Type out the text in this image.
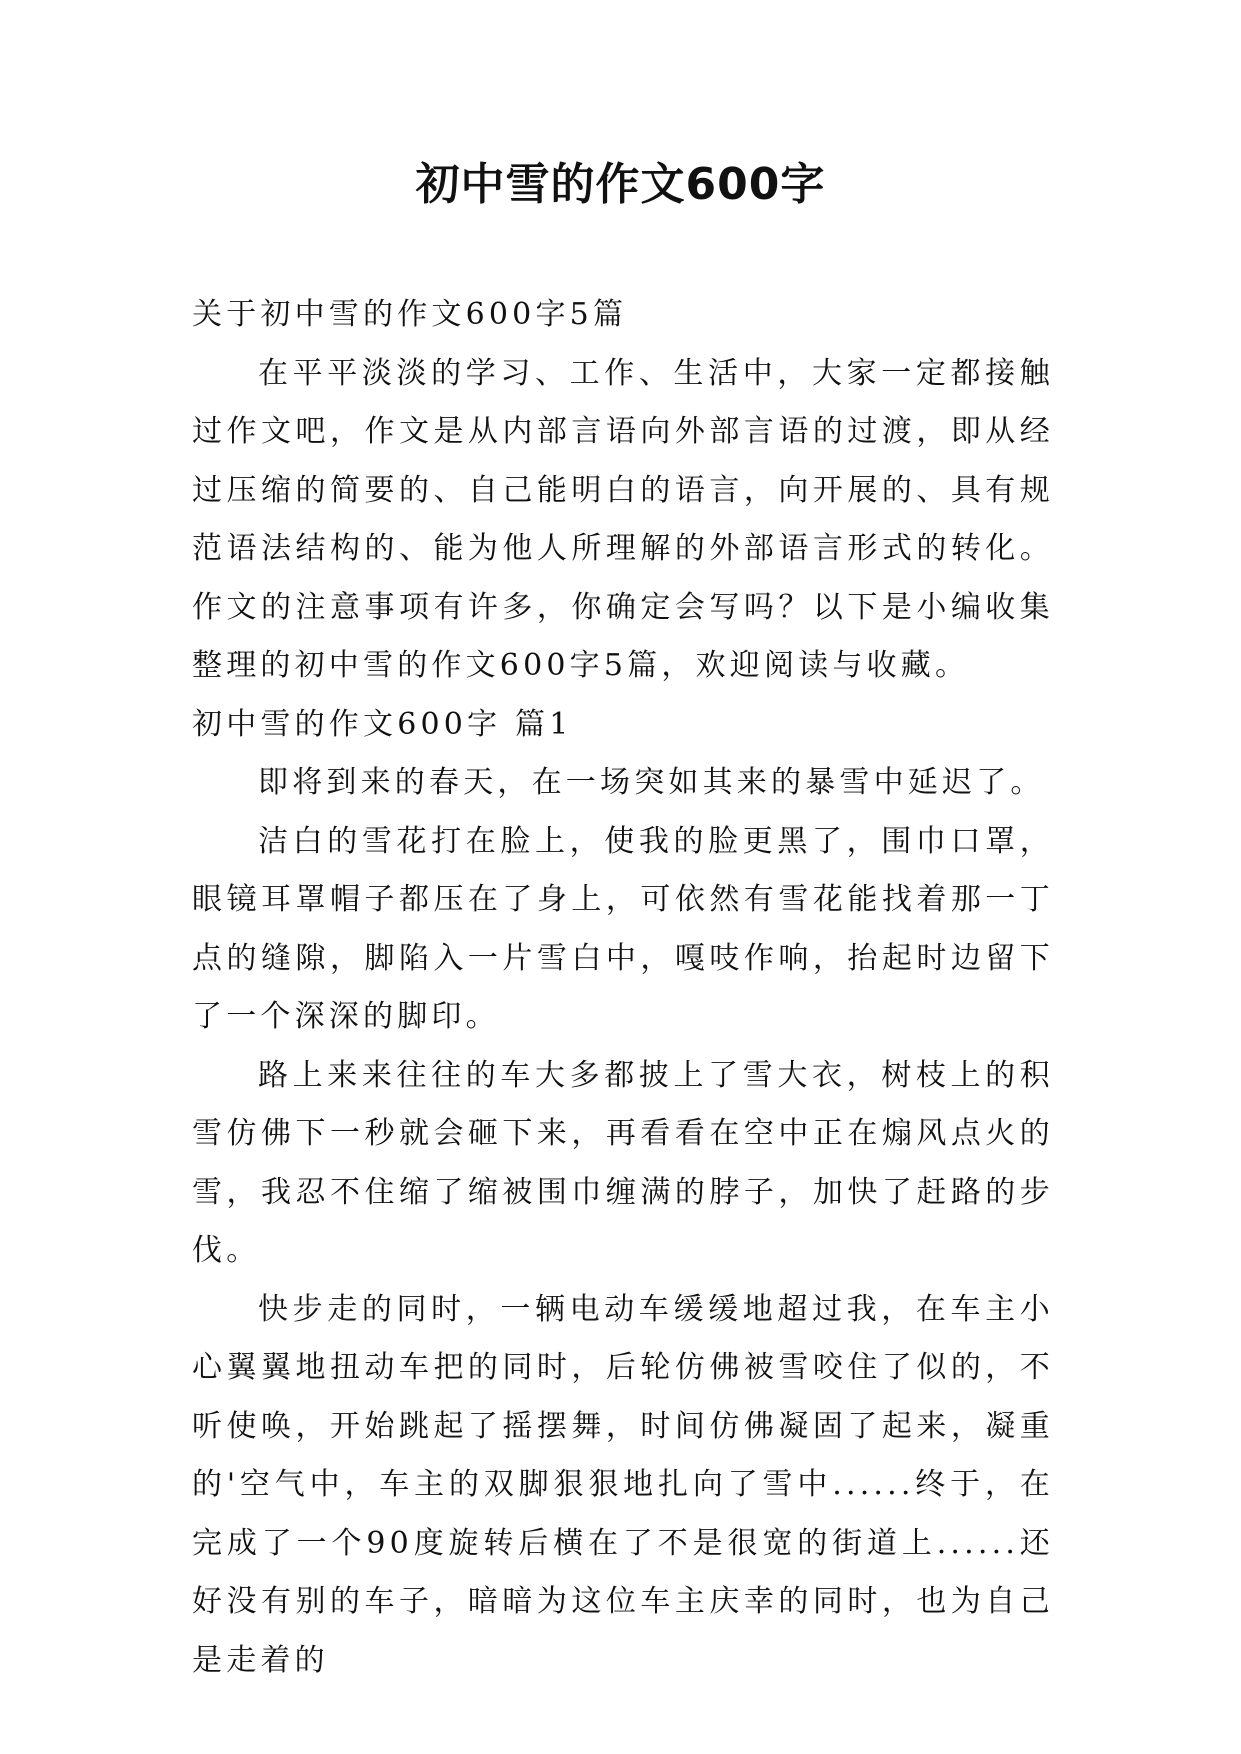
初中雪的作文600字

关于初中雪的作文600字5篇

在平平淡淡的学习、工作、生活中，大家一定都接触过作文吧，作文是从内部言语向外部言语的过渡，即从经过压缩的简要的、自己能明白的语言，向开展的、具有规范语法结构的、能为他人所理解的外部语言形式的转化。作文的注意事项有许多，你确定会写吗？以下是小编收集整理的初中雪的作文600字5篇，欢迎阅读与收藏。

初中雪的作文600字 篇1

即将到来的春天，在一场突如其来的暴雪中延迟了。

洁白的雪花打在脸上，使我的脸更黑了，围巾口罩，眼镜耳罩帽子都压在了身上，可依然有雪花能找着那一丁点的缝隙，脚陷入一片雪白中，嘎吱作响，抬起时边留下了一个深深的脚印。

路上来来往往的车大多都披上了雪大衣，树枝上的积雪仿佛下一秒就会砸下来，再看看在空中正在煽风点火的雪，我忍不住缩了缩被围巾缠满的脖子，加快了赶路的步伐。

快步走的同时，一辆电动车缓缓地超过我，在车主小心翼翼地扭动车把的同时，后轮仿佛被雪咬住了似的，不听使唤，开始跳起了摇摆舞，时间仿佛凝固了起来，凝重的'空气中，车主的双脚狠狠地扎向了雪中......终于，在完成了一个90度旋转后横在了不是很宽的街道上......还好没有别的车子，暗暗为这位车主庆幸的同时，也为自己是走着的
